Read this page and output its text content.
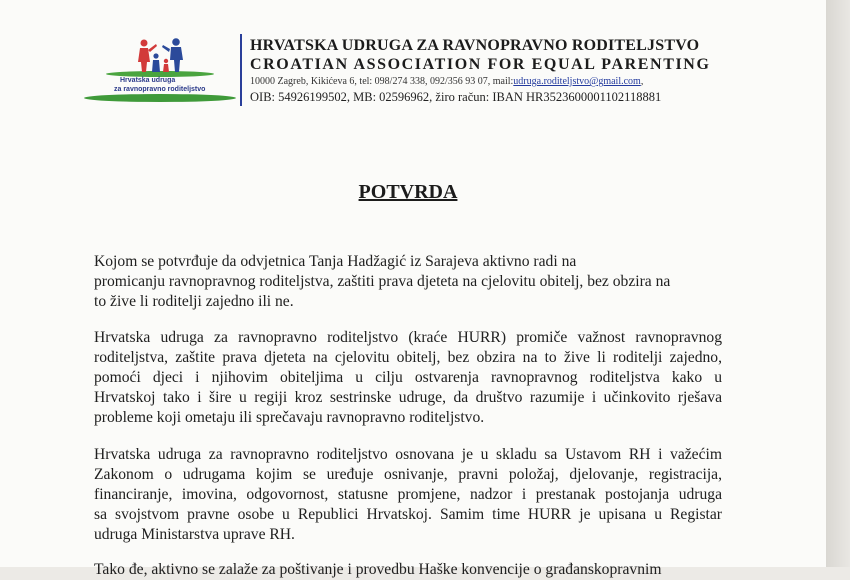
Hrvatska udruga
za ravnopravno roditeljstvo
HRVATSKA UDRUGA ZA RAVNOPRAVNO RODITELJSTVO
CROATIAN ASSOCIATION FOR EQUAL PARENTING
10000 Zagreb, Kikićeva 6, tel: 098/274 338, 092/356 93 07, mail:udruga.roditeljstvo@gmail.com,
OIB: 54926199502, MB: 02596962, žiro račun: IBAN HR3523600001102118881
POTVRDA
Kojom se potvrđuje da odvjetnica Tanja Hadžagić iz Sarajeva aktivno radi na
promicanju ravnopravnog roditeljstva, zaštiti prava djeteta na cjelovitu obitelj, bez obzira na
to žive li roditelji zajedno ili ne.
Hrvatska udruga za ravnopravno roditeljstvo (kraće HURR) promiče važnost ravnopravnog
roditeljstva, zaštite prava djeteta na cjelovitu obitelj, bez obzira na to žive li roditelji zajedno,
pomoći djeci i njihovim obiteljima u cilju ostvarenja ravnopravnog roditeljstva kako u
Hrvatskoj tako i šire u regiji kroz sestrinske udruge, da društvo razumije i učinkovito rješava
probleme koji ometaju ili sprečavaju ravnopravno roditeljstvo.
Hrvatska udruga za ravnopravno roditeljstvo osnovana je u skladu sa Ustavom RH i važećim
Zakonom o udrugama kojim se uređuje osnivanje, pravni položaj, djelovanje, registracija,
financiranje, imovina, odgovornost, statusne promjene, nadzor i prestanak postojanja udruga
sa svojstvom pravne osobe u Republici Hrvatskoj. Samim time HURR je upisana u Registar
udruga Ministarstva uprave RH.
Tako đe, aktivno se zalaže za poštivanje i provedbu Haške konvencije o građanskopravnim
